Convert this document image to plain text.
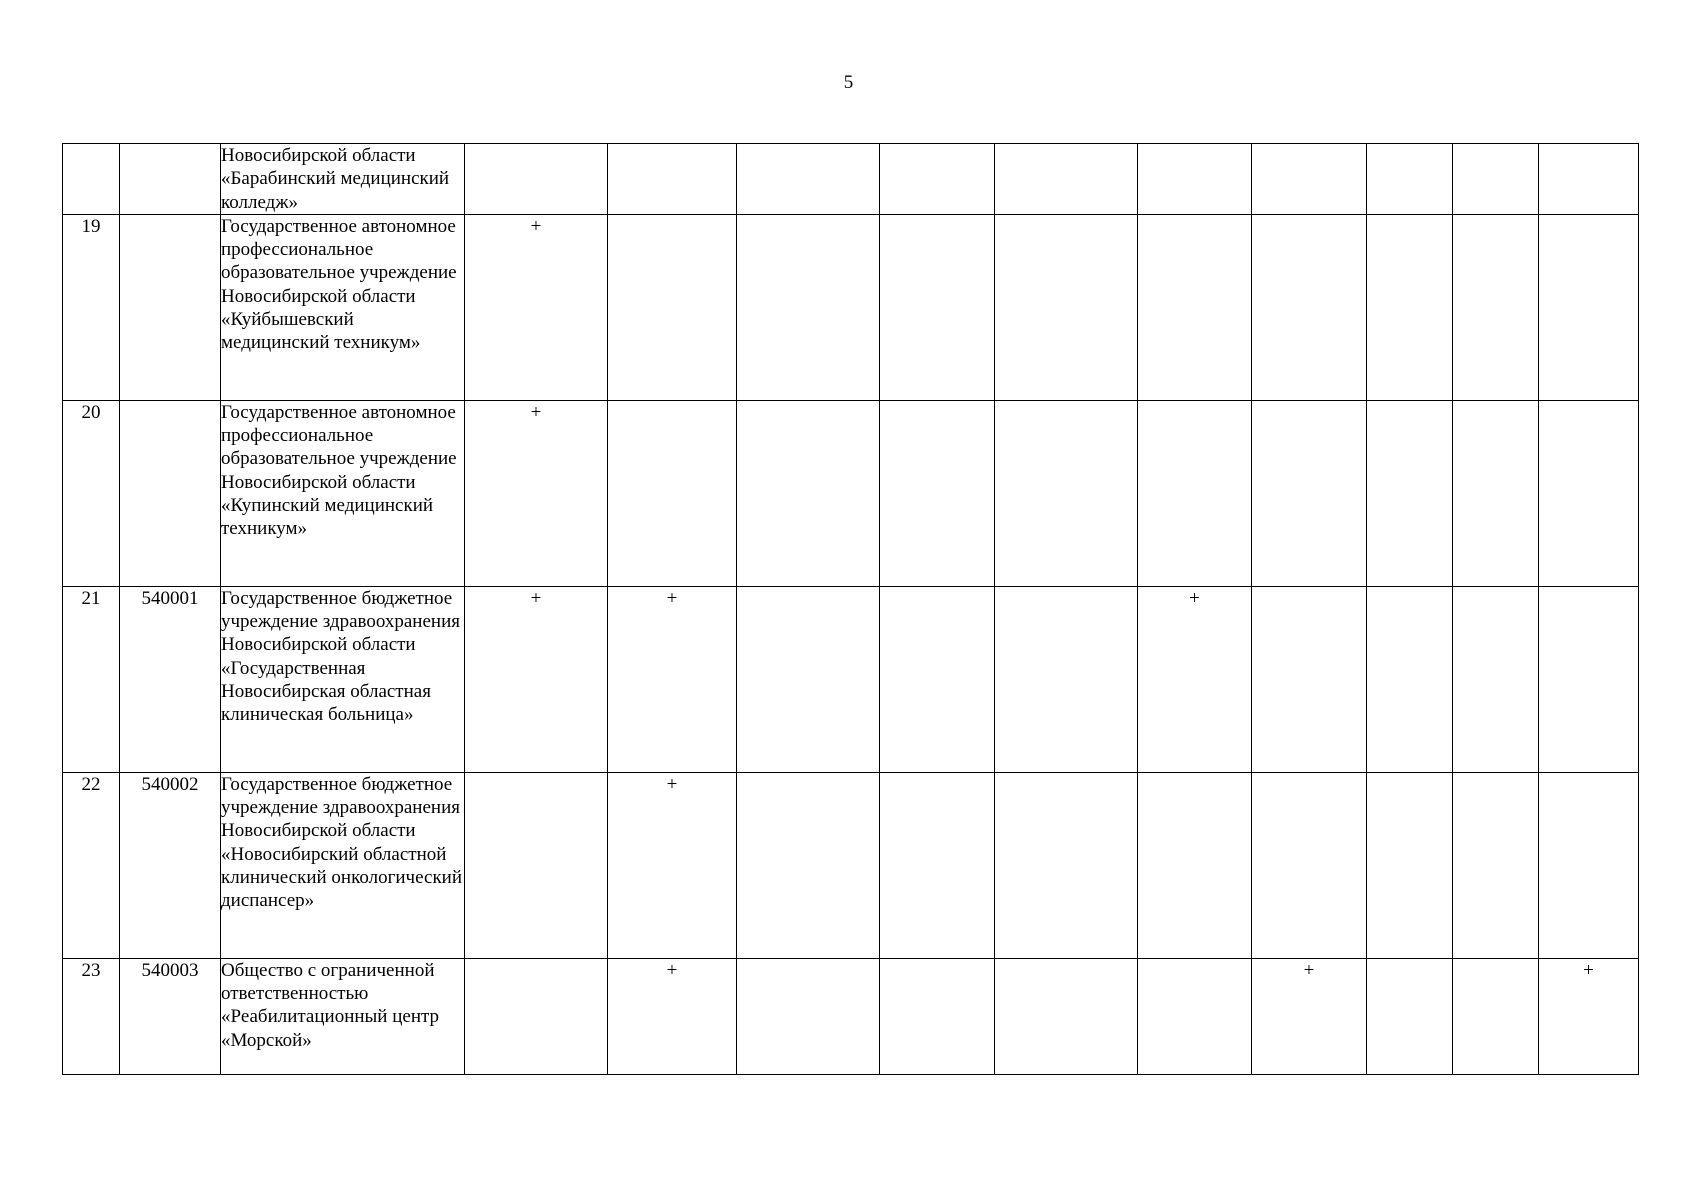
5
		Новосибирской области «Барабинский медицинский колледж»										
19		Государственное автономное профессиональное образовательное учреждение Новосибирской области «Куйбышевский медицинский техникум»	+									
20		Государственное автономное профессиональное образовательное учреждение Новосибирской области «Купинский медицинский техникум»	+									
21	540001	Государственное бюджетное учреждение здравоохранения Новосибирской области «Государственная Новосибирская областная клиническая больница»	+	+				+				
22	540002	Государственное бюджетное учреждение здравоохранения Новосибирской области «Новосибирский областной клинический онкологический диспансер»		+								
23	540003	Общество с ограниченной ответственностью «Реабилитационный центр «Морской»		+					+			+
